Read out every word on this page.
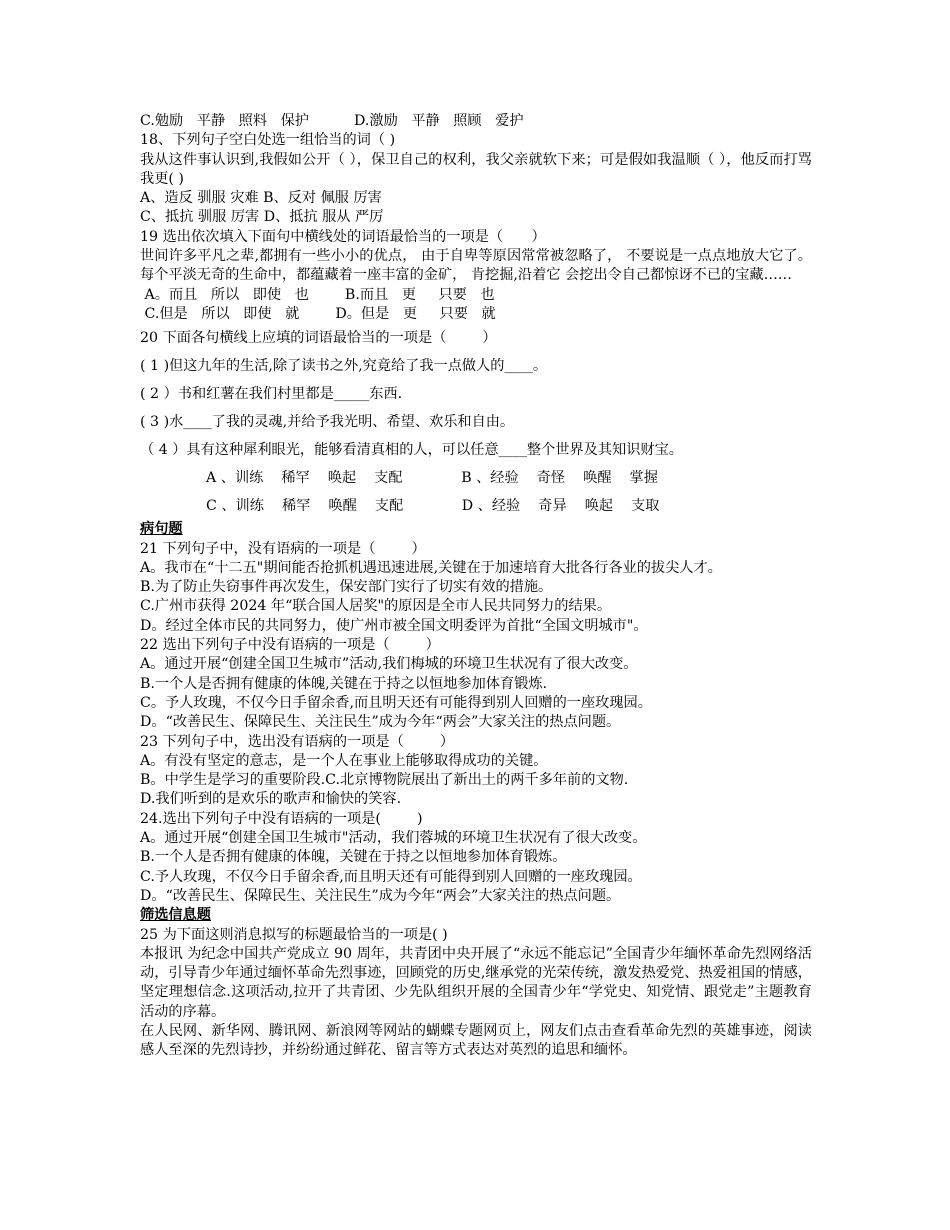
C.勉励   平静   照料   保护          D.激励   平静   照顾   爱护
18、下列句子空白处选一组恰当的词（ )
我从这件事认识到,我假如公开（ ），保卫自己的权利，我父亲就软下来；可是假如我温顺（ ），他反而打骂我更( )
A、造反 驯服 灾难 B、反对 佩服 厉害
C、抵抗 驯服 厉害 D、抵抗 服从 严厉
19 选出依次填入下面句中横线处的词语最恰当的一项是（　　）
世间许多平凡之辈,都拥有一些小小的优点， 由于自卑等原因常常被忽略了， 不要说是一点点地放大它了。每个平淡无奇的生命中，都蕴藏着一座丰富的金矿， 肯挖掘,沿着它 会挖出令自己都惊讶不已的宝藏……
A。而且   所以   即使   也        B.而且   更     只要   也
C.但是   所以   即使   就        D。但是   更     只要   就
20 下面各句横线上应填的词语最恰当的一项是（        ）
( 1 )但这九年的生活,除了读书之外,究竟给了我一点做人的____。
( 2 ）书和红薯在我们村里都是_____东西.
( 3 )水____了我的灵魂,并给予我光明、希望、欢乐和自由。
（ 4 ）具有这种犀利眼光，能够看清真相的人，可以任意____整个世界及其知识财宝。
A 、训练    稀罕    唤起    支配             B 、经验    奇怪    唤醒    掌握
C 、训练    稀罕    唤醒    支配             D 、经验    奇异    唤起    支取
病句题
21 下列句子中，没有语病的一项是（        ）
A。我市在“十二五"期间能否抢抓机遇迅速进展,关键在于加速培育大批各行各业的拔尖人才。
B.为了防止失窃事件再次发生，保安部门实行了切实有效的措施。
C.广州市获得 2024 年“联合国人居奖"的原因是全市人民共同努力的结果。
D。经过全体市民的共同努力，使广州市被全国文明委评为首批“全国文明城市"。
22 选出下列句子中没有语病的一项是（        ）
A。通过开展“创建全国卫生城市”活动,我们梅城的环境卫生状况有了很大改变。
B.一个人是否拥有健康的体魄,关键在于持之以恒地参加体育锻炼.
C。予人玫瑰，不仅今日手留余香,而且明天还有可能得到别人回赠的一座玫瑰园。
D。“改善民生、保障民生、关注民生”成为今年“两会”大家关注的热点问题。
23 下列句子中，选出没有语病的一项是（        ）
A。有没有坚定的意志，是一个人在事业上能够取得成功的关键。
B。中学生是学习的重要阶段.C.北京博物院展出了新出土的两千多年前的文物.
D.我们听到的是欢乐的歌声和愉快的笑容.
24.选出下列句子中没有语病的一项是(        )
A。通过开展“创建全国卫生城市"活动，我们蓉城的环境卫生状况有了很大改变。
B.一个人是否拥有健康的体魄，关键在于持之以恒地参加体育锻炼。
C.予人玫瑰，不仅今日手留余香,而且明天还有可能得到别人回赠的一座玫瑰园。
D。“改善民生、保障民生、关注民生”成为今年“两会”大家关注的热点问题。
筛选信息题
25 为下面这则消息拟写的标题最恰当的一项是( )
本报讯 为纪念中国共产党成立 90 周年，共青团中央开展了“永远不能忘记”全国青少年缅怀革命先烈网络活动，引导青少年通过缅怀革命先烈事迹，回顾党的历史,继承党的光荣传统，激发热爱党、热爱祖国的情感，坚定理想信念.这项活动,拉开了共青团、少先队组织开展的全国青少年“学党史、知党情、跟党走”主题教育活动的序幕。
在人民网、新华网、腾讯网、新浪网等网站的蝴蝶专题网页上，网友们点击查看革命先烈的英雄事迹，阅读感人至深的先烈诗抄，并纷纷通过鲜花、留言等方式表达对英烈的追思和缅怀。
